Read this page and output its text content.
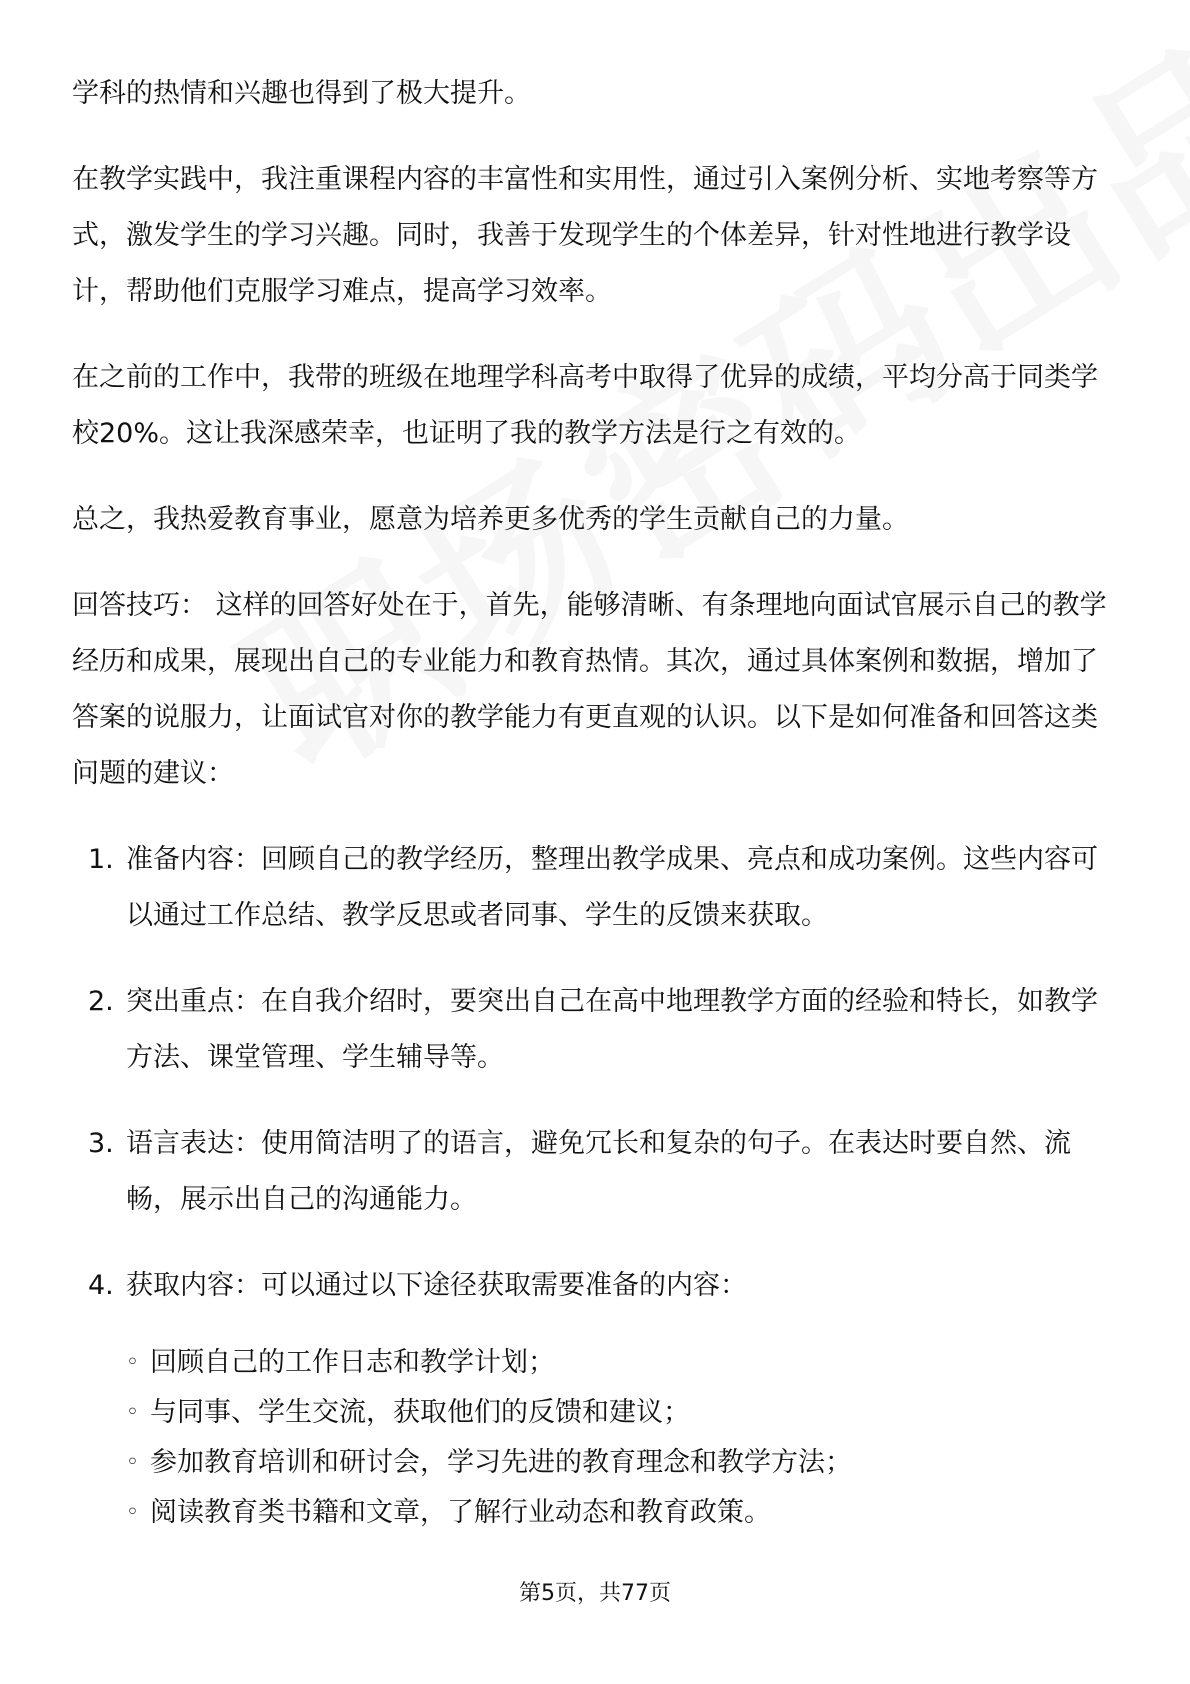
学科的热情和兴趣也得到了极大提升。

在教学实践中，我注重课程内容的丰富性和实用性，通过引入案例分析、实地考察等方式，激发学生的学习兴趣。同时，我善于发现学生的个体差异，针对性地进行教学设计，帮助他们克服学习难点，提高学习效率。

在之前的工作中，我带的班级在地理学科高考中取得了优异的成绩，平均分高于同类学校20%。这让我深感荣幸，也证明了我的教学方法是行之有效的。

总之，我热爱教育事业，愿意为培养更多优秀的学生贡献自己的力量。

回答技巧： 这样的回答好处在于，首先，能够清晰、有条理地向面试官展示自己的教学经历和成果，展现出自己的专业能力和教育热情。其次，通过具体案例和数据，增加了答案的说服力，让面试官对你的教学能力有更直观的认识。以下是如何准备和回答这类问题的建议：

1. 准备内容：回顾自己的教学经历，整理出教学成果、亮点和成功案例。这些内容可以通过工作总结、教学反思或者同事、学生的反馈来获取。
2. 突出重点：在自我介绍时，要突出自己在高中地理教学方面的经验和特长，如教学方法、课堂管理、学生辅导等。
3. 语言表达：使用简洁明了的语言，避免冗长和复杂的句子。在表达时要自然、流畅，展示出自己的沟通能力。
4. 获取内容：可以通过以下途径获取需要准备的内容：
◦ 回顾自己的工作日志和教学计划；
◦ 与同事、学生交流，获取他们的反馈和建议；
◦ 参加教育培训和研讨会，学习先进的教育理念和教学方法；
◦ 阅读教育类书籍和文章，了解行业动态和教育政策。
第5页，共77页
